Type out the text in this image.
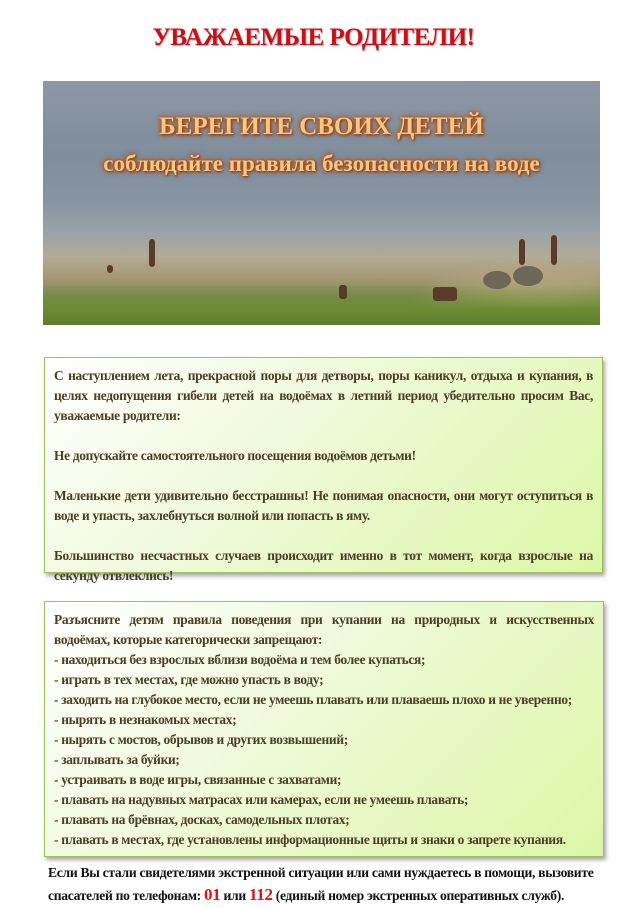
УВАЖАЕМЫЕ РОДИТЕЛИ!
БЕРЕГИТЕ СВОИХ ДЕТЕЙ
соблюдайте правила безопасности на воде

С наступлением лета, прекрасной поры для детворы, поры каникул, отдыха и купания, в целях недопущения гибели детей на водоёмах в летний период убедительно просим Вас, уважаемые родители:

Не допускайте самостоятельного посещения водоёмов детьми!

Маленькие дети удивительно бесстрашны! Не понимая опасности, они могут оступиться в воде и упасть, захлебнуться волной или попасть в яму.

Большинство несчастных случаев происходит именно в тот момент, когда взрослые на секунду отвлеклись!

Разъясните детям правила поведения при купании на природных и искусственных водоёмах, которые категорически запрещают:

- находиться без взрослых вблизи водоёма и тем более купаться;

- играть в тех местах, где можно упасть в воду;

- заходить на глубокое место, если не умеешь плавать или плаваешь плохо и не уверенно;

- нырять в незнакомых местах;

- нырять с мостов, обрывов и других возвышений;

- заплывать за буйки;

- устраивать в воде игры, связанные с захватами;

- плавать на надувных матрасах или камерах, если не умеешь плавать;

- плавать на брёвнах, досках, самодельных плотах;

- плавать в местах, где установлены информационные щиты и знаки о запрете купания.

Если Вы стали свидетелями экстренной ситуации или сами нуждаетесь в помощи, вызовите спасателей по телефонам: 01 или 112 (единый номер экстренных оперативных служб).
